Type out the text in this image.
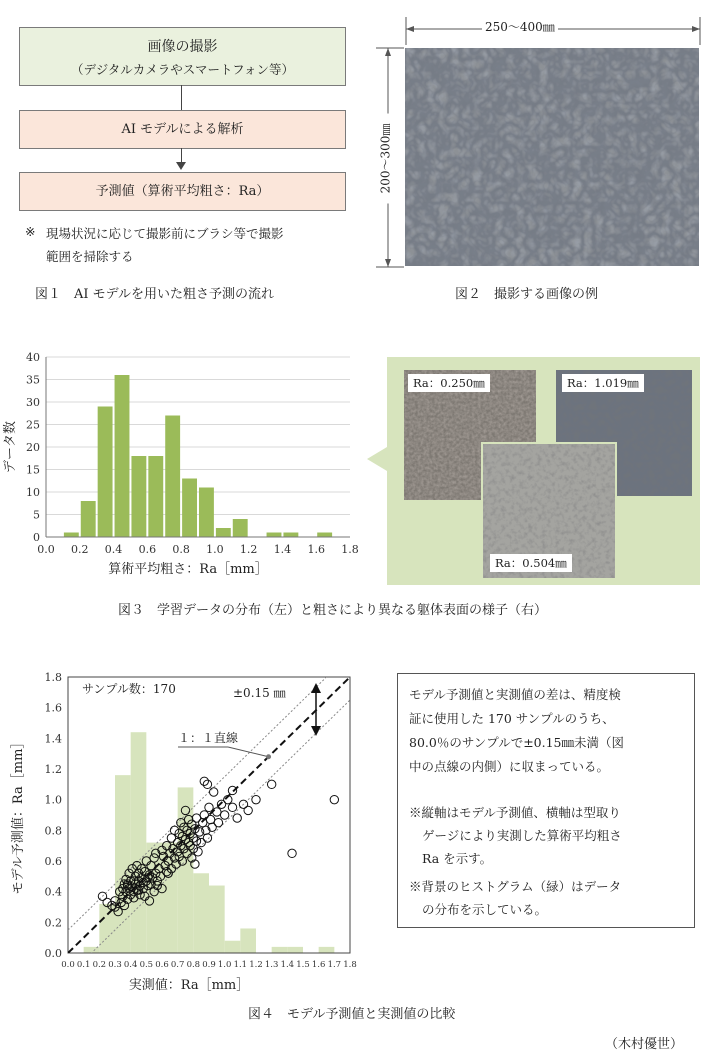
画像の撮影
（デジタルカメラやスマートフォン等）
AI モデルによる解析
予測値（算術平均粗さ：Ra）
※ 現場状況に応じて撮影前にブラシ等で撮影
範囲を掃除する
図１　AI モデルを用いた粗さ予測の流れ
250～400㎜
200～300㎜
図２　撮影する画像の例
0
5
10
15
20
25
30
35
40
0.0 0.2 0.4 0.6 0.8 1.0 1.2 1.4 1.6 1.8
算術平均粗さ：Ra［mm］
データ数
Ra：0.250㎜	Ra：1.019㎜
Ra：0.504㎜
図３　学習データの分布（左）と粗さにより異なる躯体表面の様子（右）
0.0
0.2
0.4
0.6
0.8
1.0
1.2
1.4
1.6
1.8
0.0 0.1 0.2 0.3 0.4 0.5 0.6 0.7 0.8 0.9 1.0 1.1 1.2 1.3 1.4 1.5 1.6 1.7 1.8
実測値：Ra［mm］
モデル予測値：Ra［mm］
サンプル数：170	±0.15 ㎜
１：１直線
図４　モデル予測値と実測値の比較
モデル予測値と実測値の差は、精度検
証に使用した 170 サンプルのうち、
80.0％のサンプルで±0.15㎜未満（図
中の点線の内側）に収まっている。
※縦軸はモデル予測値、横軸は型取り
ゲージにより実測した算術平均粗さ
Ra を示す。
※背景のヒストグラム（緑）はデータ
の分布を示している。
（木村優世）
